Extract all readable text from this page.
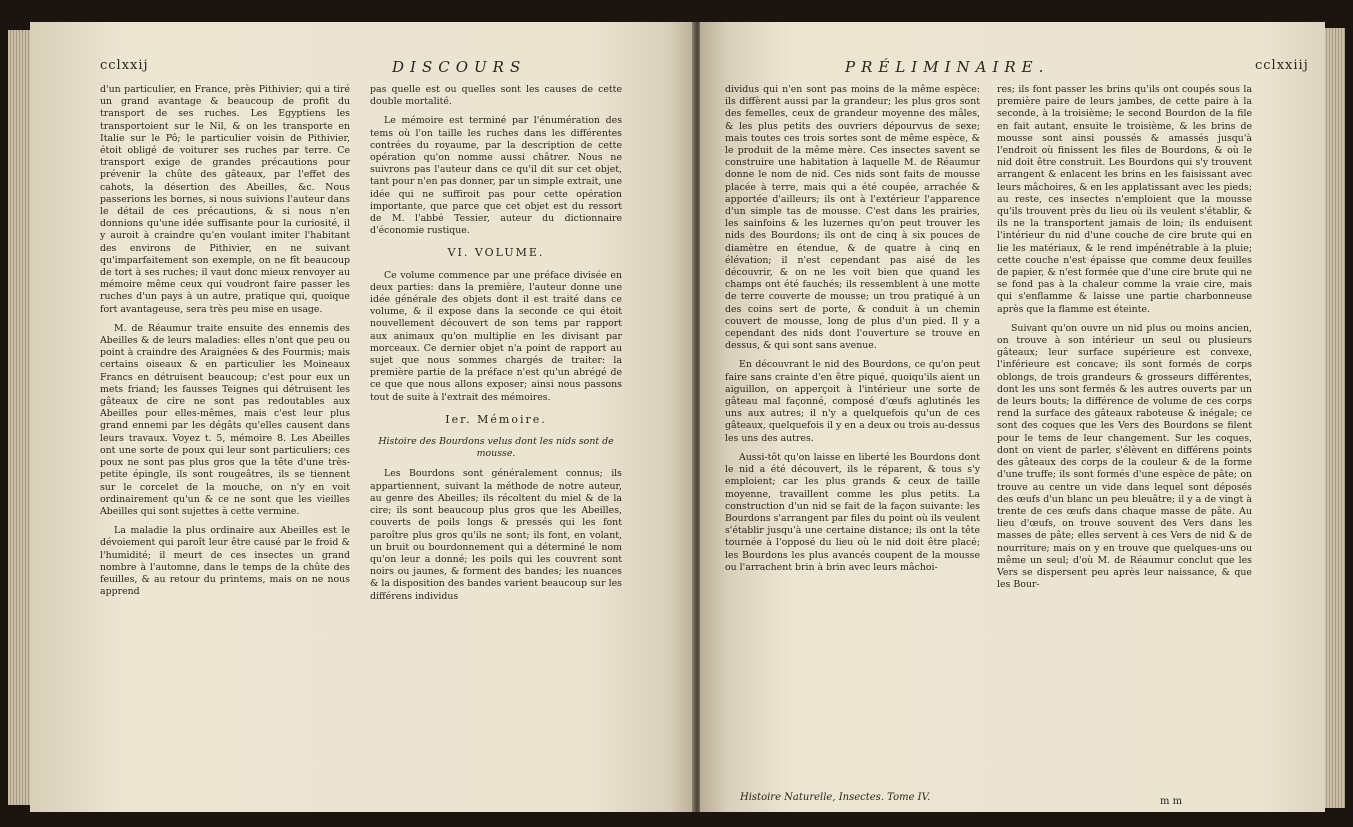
cclxxij	DISCOURS

d'un particulier, en France, près Pithivier; qui a tiré un grand avantage & beaucoup de profit du transport de ses ruches. Les Egyptiens les transportoient sur le Nil, & on les transporte en Italie sur le Pô; le particulier voisin de Pithivier, étoit obligé de voiturer ses ruches par terre. Ce transport exige de grandes précautions pour prévenir la chûte des gâteaux, par l'effet des cahots, la désertion des Abeilles, &c. Nous passerions les bornes, si nous suivions l'auteur dans le détail de ces précautions, & si nous n'en donnions qu'une idée suffisante pour la curiosité, il y auroit à craindre qu'en voulant imiter l'habitant des environs de Pithivier, en ne suivant qu'imparfaitement son exemple, on ne fît beaucoup de tort à ses ruches; il vaut donc mieux renvoyer au mémoire même ceux qui voudront faire passer les ruches d'un pays à un autre, pratique qui, quoique fort avantageuse, sera très peu mise en usage.

M. de Réaumur traite ensuite des ennemis des Abeilles & de leurs maladies: elles n'ont que peu ou point à craindre des Araignées & des Fourmis; mais certains oiseaux & en particulier les Moineaux Francs en détruisent beaucoup; c'est pour eux un mets friand; les fausses Teignes qui détruisent les gâteaux de cire ne sont pas redoutables aux Abeilles pour elles-mêmes, mais c'est leur plus grand ennemi par les dégâts qu'elles causent dans leurs travaux. Voyez t. 5, mémoire 8. Les Abeilles ont une sorte de poux qui leur sont particuliers; ces poux ne sont pas plus gros que la tête d'une très-petite épingle, ils sont rougeâtres, ils se tiennent sur le corcelet de la mouche, on n'y en voit ordinairement qu'un & ce ne sont que les vieilles Abeilles qui sont sujettes à cette vermine.

La maladie la plus ordinaire aux Abeilles est le dévoiement qui paroît leur être causé par le froid & l'humidité; il meurt de ces insectes un grand nombre à l'automne, dans le temps de la chûte des feuilles, & au retour du printems, mais on ne nous apprend

pas quelle est ou quelles sont les causes de cette double mortalité.

Le mémoire est terminé par l'énumération des tems où l'on taille les ruches dans les différentes contrées du royaume, par la description de cette opération qu'on nomme aussi châtrer. Nous ne suivrons pas l'auteur dans ce qu'il dit sur cet objet, tant pour n'en pas donner, par un simple extrait, une idée qui ne suffiroit pas pour cette opération importante, que parce que cet objet est du ressort de M. l'abbé Tessier, auteur du dictionnaire d'économie rustique.

VI. VOLUME.

Ce volume commence par une préface divisée en deux parties: dans la première, l'auteur donne une idée générale des objets dont il est traité dans ce volume, & il expose dans la seconde ce qui étoit nouvellement découvert de son tems par rapport aux animaux qu'on multiplie en les divisant par morceaux. Ce dernier objet n'a point de rapport au sujet que nous sommes chargés de traiter: la première partie de la préface n'est qu'un abrégé de ce que que nous allons exposer; ainsi nous passons tout de suite à l'extrait des mémoires.

Ier. Mémoire.
Histoire des Bourdons velus dont les nids sont de mousse.

Les Bourdons sont généralement connus; ils appartiennent, suivant la méthode de notre auteur, au genre des Abeilles; ils récoltent du miel & de la cire; ils sont beaucoup plus gros que les Abeilles, couverts de poils longs & pressés qui les font paroître plus gros qu'ils ne sont; ils font, en volant, un bruit ou bourdonnement qui a déterminé le nom qu'on leur a donné; les poils qui les couvrent sont noirs ou jaunes, & forment des bandes; les nuances & la disposition des bandes varient beaucoup sur les différens individus

PRÉLIMINAIRE.	cclxxiij

dividus qui n'en sont pas moins de la même espèce: ils diffèrent aussi par la grandeur; les plus gros sont des femelles, ceux de grandeur moyenne des mâles, & les plus petits des ouvriers dépourvus de sexe; mais toutes ces trois sortes sont de même espèce, & le produit de la même mère. Ces insectes savent se construire une habitation à laquelle M. de Réaumur donne le nom de nid. Ces nids sont faits de mousse placée à terre, mais qui a été coupée, arrachée & apportée d'ailleurs; ils ont à l'extérieur l'apparence d'un simple tas de mousse. C'est dans les prairies, les sainfoins & les luzernes qu'on peut trouver les nids des Bourdons; ils ont de cinq à six pouces de diamètre en étendue, & de quatre à cinq en élévation; il n'est cependant pas aisé de les découvrir, & on ne les voit bien que quand les champs ont été fauchés; ils ressemblent à une motte de terre couverte de mousse; un trou pratiqué à un des coins sert de porte, & conduit à un chemin couvert de mousse, long de plus d'un pied. Il y a cependant des nids dont l'ouverture se trouve en dessus, & qui sont sans avenue.

En découvrant le nid des Bourdons, ce qu'on peut faire sans crainte d'en être piqué, quoiqu'ils aient un aiguillon, on apperçoit à l'intérieur une sorte de gâteau mal façonné, composé d'œufs aglutinés les uns aux autres; il n'y a quelquefois qu'un de ces gâteaux, quelquefois il y en a deux ou trois au-dessus les uns des autres.

Aussi-tôt qu'on laisse en liberté les Bourdons dont le nid a été découvert, ils le réparent, & tous s'y emploient; car les plus grands & ceux de taille moyenne, travaillent comme les plus petits. La construction d'un nid se fait de la façon suivante: les Bourdons s'arrangent par files du point où ils veulent s'établir jusqu'à une certaine distance; ils ont la tête tournée à l'opposé du lieu où le nid doit être placé; les Bourdons les plus avancés coupent de la mousse ou l'arrachent brin à brin avec leurs mâchoi-

res; ils font passer les brins qu'ils ont coupés sous la première paire de leurs jambes, de cette paire à la seconde, à la troisième; le second Bourdon de la file en fait autant, ensuite le troisième, & les brins de mousse sont ainsi poussés & amassés jusqu'à l'endroit où finissent les files de Bourdons, & où le nid doit être construit. Les Bourdons qui s'y trouvent arrangent & enlacent les brins en les faisissant avec leurs mâchoires, & en les applatissant avec les pieds; au reste, ces insectes n'emploient que la mousse qu'ils trouvent près du lieu où ils veulent s'établir, & ils ne la transportent jamais de loin; ils enduisent l'intérieur du nid d'une couche de cire brute qui en lie les matériaux, & le rend impénétrable à la pluie; cette couche n'est épaisse que comme deux feuilles de papier, & n'est formée que d'une cire brute qui ne se fond pas à la chaleur comme la vraie cire, mais qui s'enflamme & laisse une partie charbonneuse après que la flamme est éteinte.

Suivant qu'on ouvre un nid plus ou moins ancien, on trouve à son intérieur un seul ou plusieurs gâteaux; leur surface supérieure est convexe, l'inférieure est concave; ils sont formés de corps oblongs, de trois grandeurs & grosseurs différentes, dont les uns sont fermés & les autres ouverts par un de leurs bouts; la différence de volume de ces corps rend la surface des gâteaux raboteuse & inégale; ce sont des coques que les Vers des Bourdons se filent pour le tems de leur changement. Sur les coques, dont on vient de parler, s'élèvent en différens points des gâteaux des corps de la couleur & de la forme d'une truffe; ils sont formés d'une espèce de pâte; on trouve au centre un vide dans lequel sont déposés des œufs d'un blanc un peu bleuâtre; il y a de vingt à trente de ces œufs dans chaque masse de pâte. Au lieu d'œufs, on trouve souvent des Vers dans les masses de pâte; elles servent à ces Vers de nid & de nourriture; mais on y en trouve que quelques-uns ou même un seul; d'où M. de Réaumur conclut que les Vers se dispersent peu après leur naissance, & que les Bour-

Histoire Naturelle, Insectes. Tome IV.	m m
